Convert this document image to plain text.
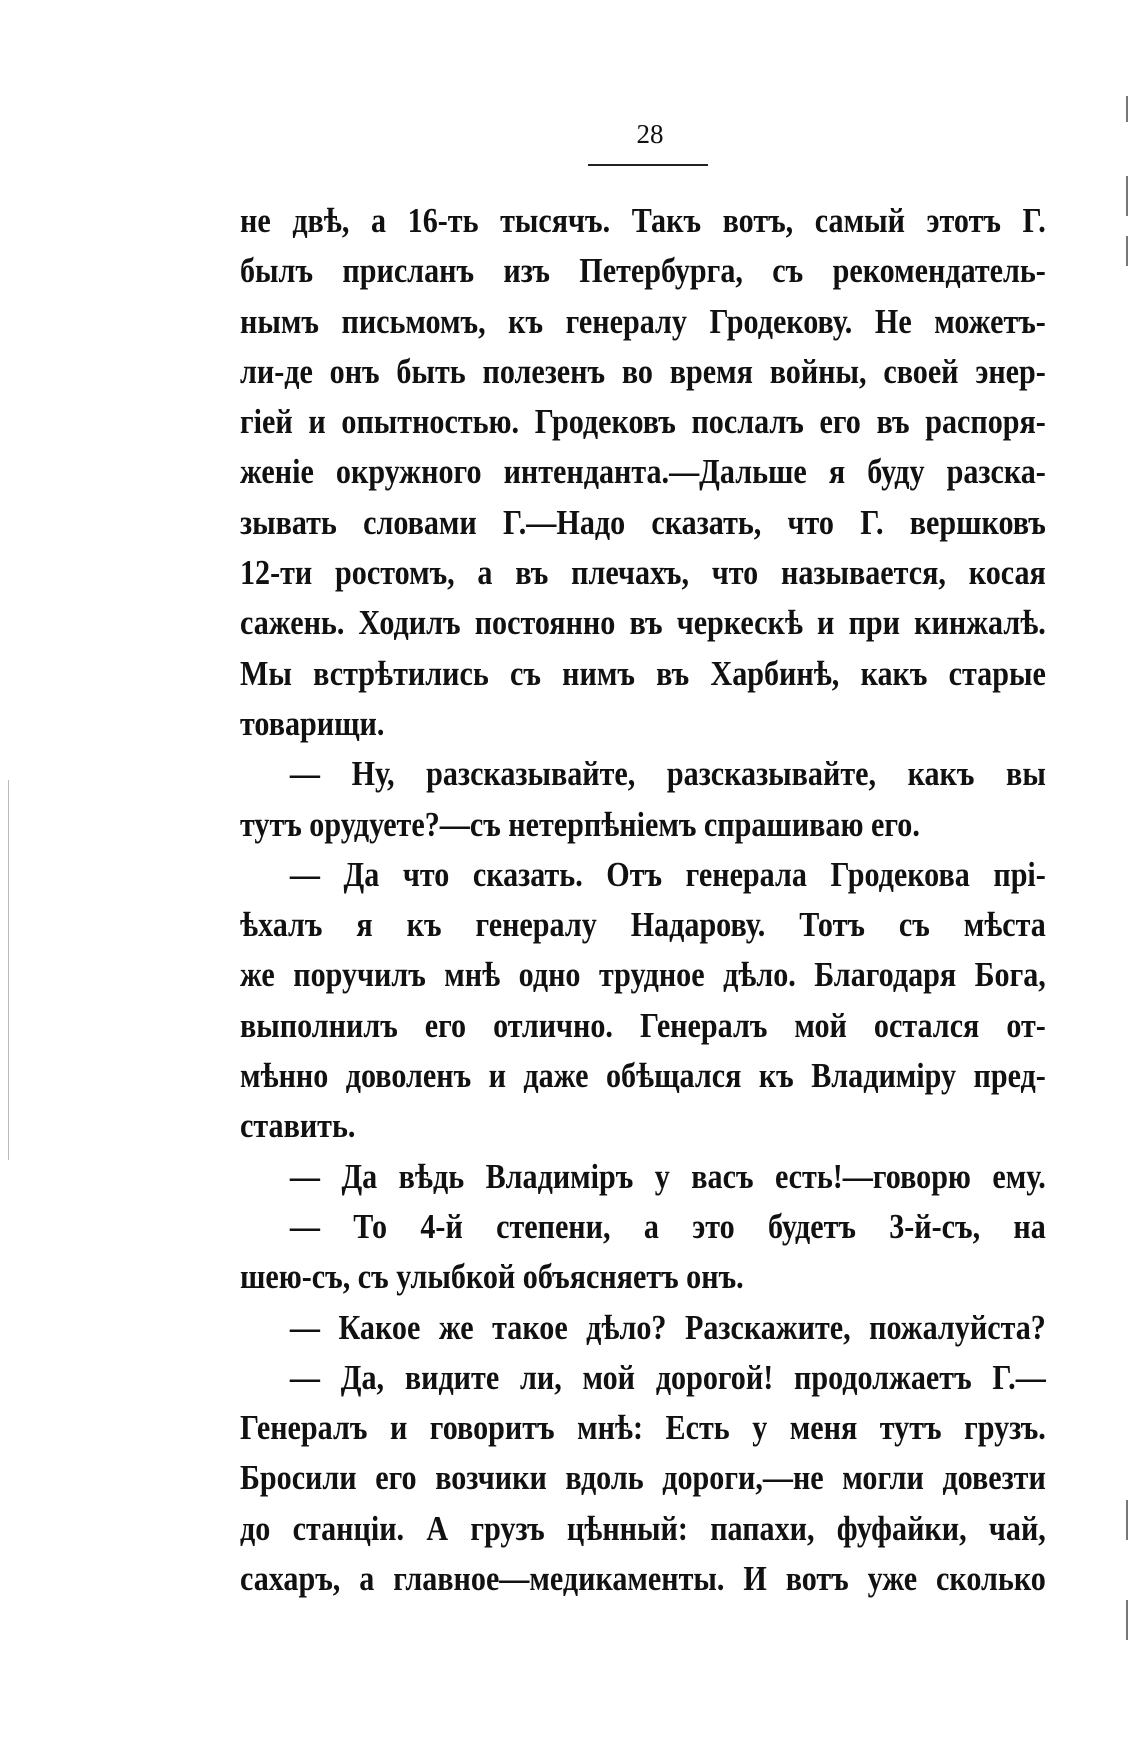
28
не двѣ, а 16-ть тысячъ. Такъ вотъ, самый этотъ Г.
былъ присланъ изъ Петербурга, съ рекомендатель-
нымъ письмомъ, къ генералу Гродекову. Не можетъ-
ли-де онъ быть полезенъ во время войны, своей энер-
гіей и опытностью. Гродековъ послалъ его въ распоря-
женіе окружного интенданта.—Дальше я буду разска-
зывать словами Г.—Надо сказать, что Г. вершковъ
12-ти ростомъ, а въ плечахъ, что называется, косая
сажень. Ходилъ постоянно въ черкескѣ и при кинжалѣ.
Мы встрѣтились съ нимъ въ Харбинѣ, какъ старые
товарищи.
— Ну, разсказывайте, разсказывайте, какъ вы
тутъ орудуете?—съ нетерпѣніемъ спрашиваю его.
— Да что сказать. Отъ генерала Гродекова прі-
ѣхалъ я къ генералу Надарову. Тотъ съ мѣста
же поручилъ мнѣ одно трудное дѣло. Благодаря Бога,
выполнилъ его отлично. Генералъ мой остался от-
мѣнно доволенъ и даже обѣщался къ Владиміру пред-
ставить.
— Да вѣдь Владиміръ у васъ есть!—говорю ему.
— То 4-й степени, а это будетъ 3-й-съ, на
шею-съ, съ улыбкой объясняетъ онъ.
— Какое же такое дѣло? Разскажите, пожалуйста?
— Да, видите ли, мой дорогой! продолжаетъ Г.—
Генералъ и говоритъ мнѣ: Есть у меня тутъ грузъ.
Бросили его возчики вдоль дороги,—не могли довезти
до станціи. А грузъ цѣнный: папахи, фуфайки, чай,
сахаръ, а главное—медикаменты. И вотъ уже сколько
